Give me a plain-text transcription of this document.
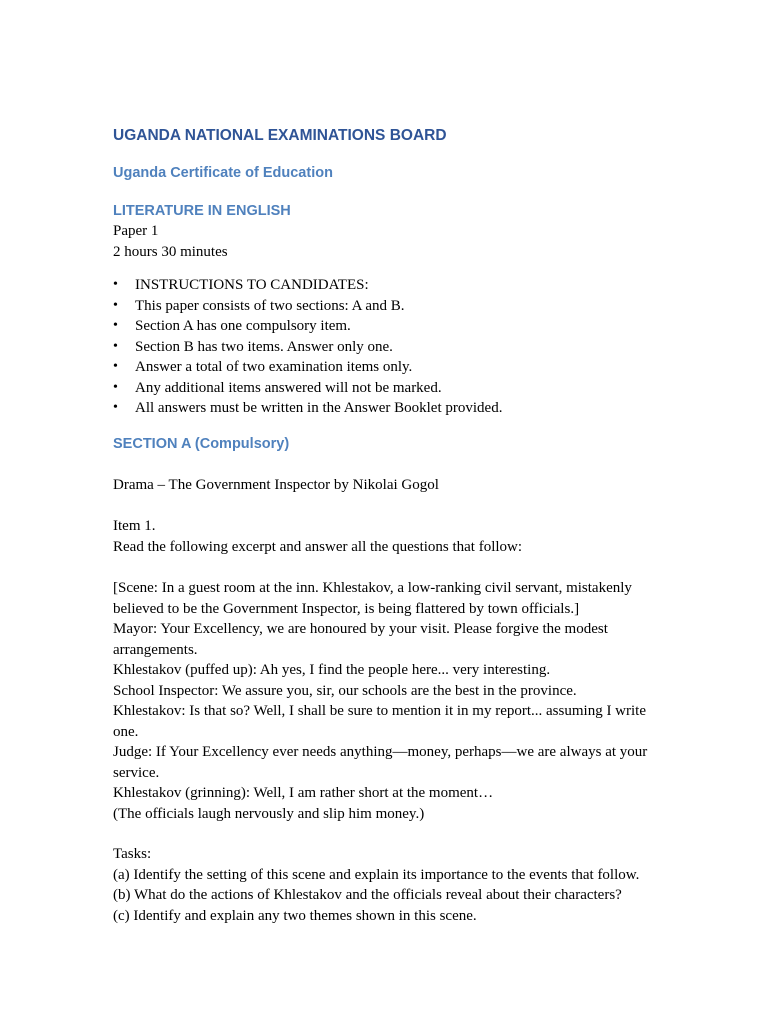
UGANDA NATIONAL EXAMINATIONS BOARD
Uganda Certificate of Education
LITERATURE IN ENGLISH
Paper 1
2 hours 30 minutes
• INSTRUCTIONS TO CANDIDATES:
• This paper consists of two sections: A and B.
• Section A has one compulsory item.
• Section B has two items. Answer only one.
• Answer a total of two examination items only.
• Any additional items answered will not be marked.
• All answers must be written in the Answer Booklet provided.
SECTION A (Compulsory)
Drama – The Government Inspector by Nikolai Gogol
Item 1.
Read the following excerpt and answer all the questions that follow:
[Scene: In a guest room at the inn. Khlestakov, a low-ranking civil servant, mistakenly believed to be the Government Inspector, is being flattered by town officials.]
Mayor: Your Excellency, we are honoured by your visit. Please forgive the modest arrangements.
Khlestakov (puffed up): Ah yes, I find the people here... very interesting.
School Inspector: We assure you, sir, our schools are the best in the province.
Khlestakov: Is that so? Well, I shall be sure to mention it in my report... assuming I write one.
Judge: If Your Excellency ever needs anything—money, perhaps—we are always at your service.
Khlestakov (grinning): Well, I am rather short at the moment…
(The officials laugh nervously and slip him money.)
Tasks:
(a) Identify the setting of this scene and explain its importance to the events that follow.
(b) What do the actions of Khlestakov and the officials reveal about their characters?
(c) Identify and explain any two themes shown in this scene.
